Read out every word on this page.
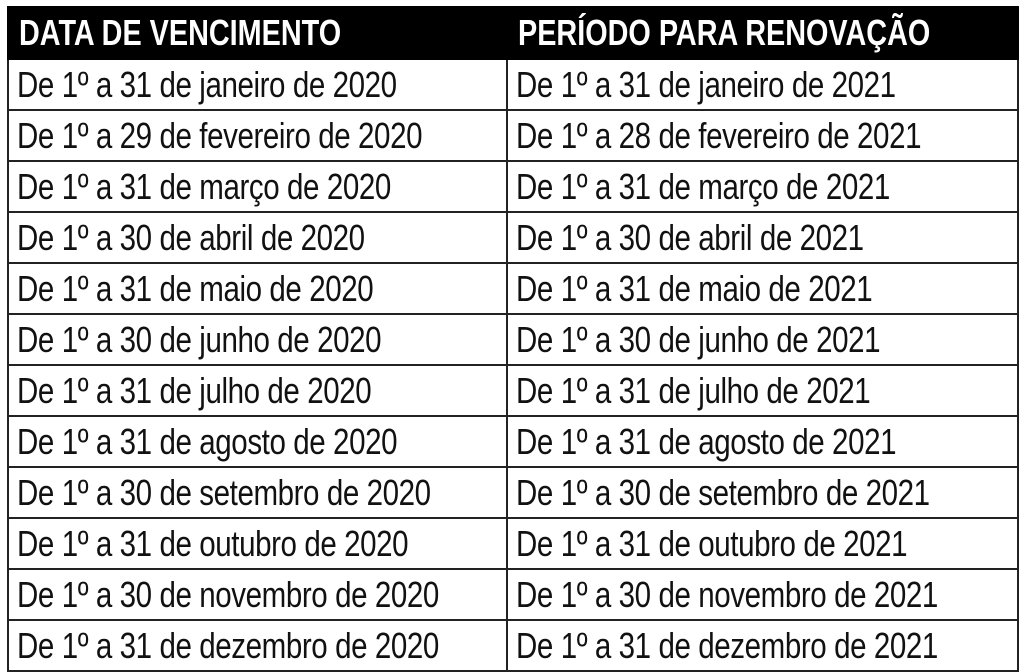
DATA DE VENCIMENTO	PERÍODO PARA RENOVAÇÃO
De 1º a 31 de janeiro de 2020	De 1º a 31 de janeiro de 2021
De 1º a 29 de fevereiro de 2020	De 1º a 28 de fevereiro de 2021
De 1º a 31 de março de 2020	De 1º a 31 de março de 2021
De 1º a 30 de abril de 2020	De 1º a 30 de abril de 2021
De 1º a 31 de maio de 2020	De 1º a 31 de maio de 2021
De 1º a 30 de junho de 2020	De 1º a 30 de junho de 2021
De 1º a 31 de julho de 2020	De 1º a 31 de julho de 2021
De 1º a 31 de agosto de 2020	De 1º a 31 de agosto de 2021
De 1º a 30 de setembro de 2020	De 1º a 30 de setembro de 2021
De 1º a 31 de outubro de 2020	De 1º a 31 de outubro de 2021
De 1º a 30 de novembro de 2020	De 1º a 30 de novembro de 2021
De 1º a 31 de dezembro de 2020	De 1º a 31 de dezembro de 2021
